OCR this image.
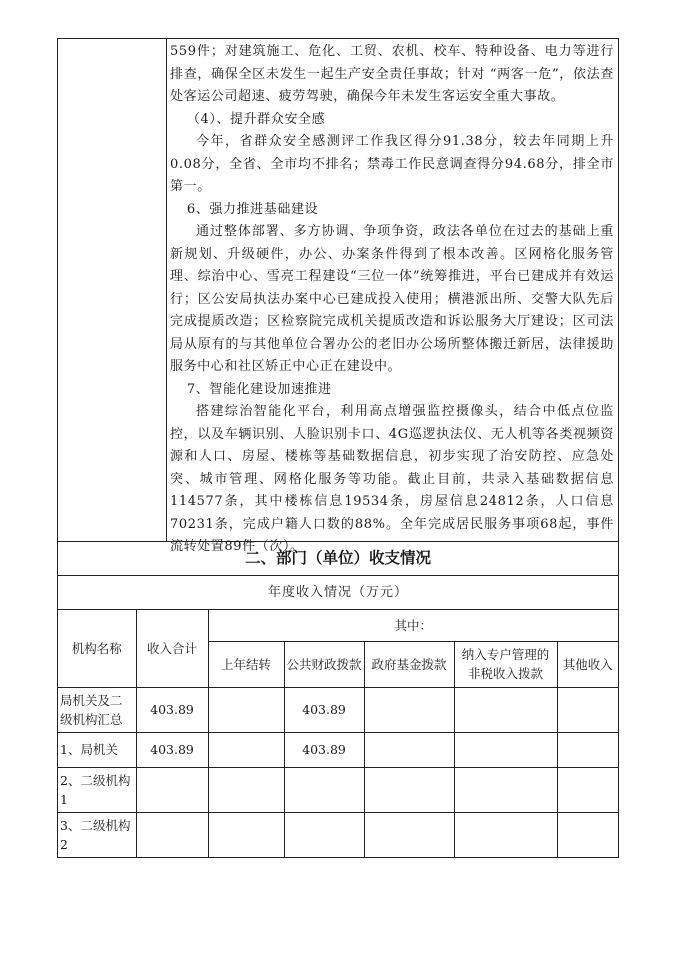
559件；对建筑施工、危化、工贸、农机、校车、特种设备、电力等进行排查，确保全区未发生一起生产安全责任事故；针对 “两客一危”，依法查处客运公司超速、疲劳驾驶，确保今年未发生客运安全重大事故。

（4）、提升群众安全感

今年，省群众安全感测评工作我区得分91.38分，较去年同期上升0.08分，全省、全市均不排名；禁毒工作民意调查得分94.68分，排全市第一。

6、强力推进基础建设

通过整体部署、多方协调、争项争资，政法各单位在过去的基础上重新规划、升级硬件，办公、办案条件得到了根本改善。区网格化服务管理、综治中心、雪亮工程建设“三位一体”统筹推进，平台已建成并有效运行；区公安局执法办案中心已建成投入使用；横港派出所、交警大队先后完成提质改造；区检察院完成机关提质改造和诉讼服务大厅建设；区司法局从原有的与其他单位合署办公的老旧办公场所整体搬迁新居，法律援助服务中心和社区矫正中心正在建设中。

7、智能化建设加速推进

搭建综治智能化平台，利用高点增强监控摄像头，结合中低点位监控，以及车辆识别、人脸识别卡口、4G巡逻执法仪、无人机等各类视频资源和人口、房屋、楼栋等基础数据信息，初步实现了治安防控、应急处突、城市管理、网格化服务等功能。截止目前，共录入基础数据信息114577条，其中楼栋信息19534条，房屋信息24812条，人口信息70231条，完成户籍人口数的88%。全年完成居民服务事项68起，事件流转处置89件（次）。

二、部门（单位）收支情况
年度收入情况（万元）
机构名称	收入合计	其中：				
		上年结转	公共财政拨款	政府基金拨款	纳入专户管理的非税收入拨款	其他收入
局机关及二级机构汇总	403.89		403.89			
1、局机关	403.89		403.89			
2、二级机构1						
3、二级机构2						
